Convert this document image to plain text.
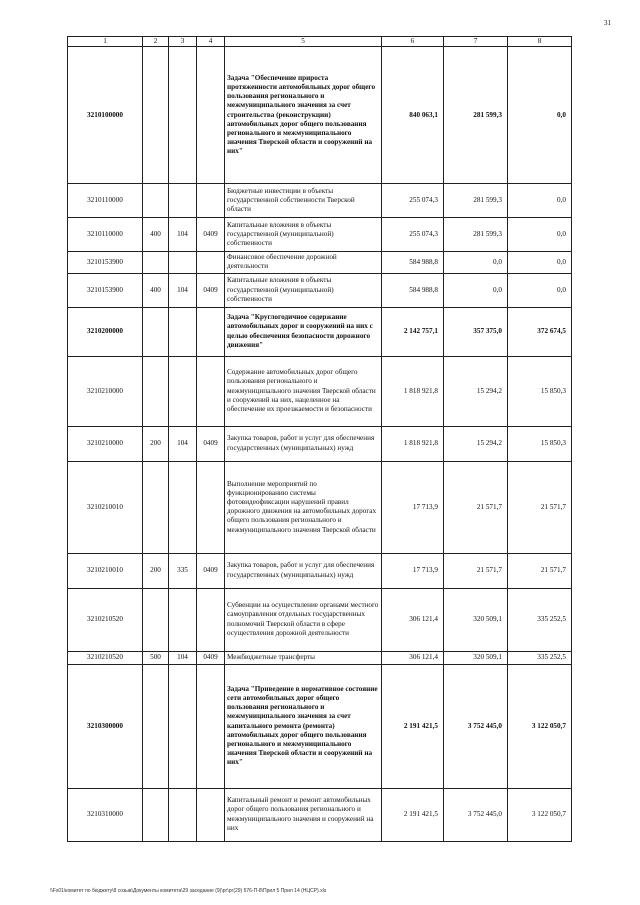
31
1	2	3	4	5	6	7	8
3210100000				Задача "Обеспечение прироста протяженности автомобильных дорог общего пользования регионального и межмуниципального значения за счет строительства (реконструкции) автомобильных дорог общего пользования регионального и межмуниципального значения Тверской области и сооружений на них"	840 063,1	281 599,3	0,0
3210110000				Бюджетные инвестиции в объекты государственной собственности Тверской области	255 074,3	281 599,3	0,0
3210110000	400	104	0409	Капитальные вложения в объекты государственной (муниципальной) собственности	255 074,3	281 599,3	0,0
3210153900				Финансовое обеспечение дорожной деятельности	584 988,8	0,0	0,0
3210153900	400	104	0409	Капитальные вложения в объекты государственной (муниципальной) собственности	584 988,8	0,0	0,0
3210200000				Задача "Круглогодичное содержание автомобильных дорог и сооружений на них с целью обеспечения безопасности дорожного движения"	2 142 757,1	357 375,0	372 674,5
3210210000				Содержание автомобильных дорог общего пользования регионального и межмуниципального значения Тверской области и сооружений на них, нацеленное на обеспечение их проезжаемости и безопасности	1 818 921,8	15 294,2	15 850,3
3210210000	200	104	0409	Закупка товаров, работ и услуг для обеспечения государственных (муниципальных) нужд	1 818 921,8	15 294,2	15 850,3
3210210010				Выполнение мероприятий по функционированию системы фотовидеофиксации нарушений правил дорожного движения на автомобильных дорогах общего пользования регионального и межмуниципального значения Тверской области	17 713,9	21 571,7	21 571,7
3210210010	200	335	0409	Закупка товаров, работ и услуг для обеспечения государственных (муниципальных) нужд	17 713,9	21 571,7	21 571,7
3210210520				Субвенции на осуществление органами местного самоуправления отдельных государственных полномочий Тверской области в сфере осуществления дорожной деятельности	306 121,4	320 509,1	335 252,5
3210210520	500	104	0409	Межбюджетные трансферты	306 121,4	320 509,1	335 252,5
3210300000				Задача "Приведение в нормативное состояние сети автомобильных дорог общего пользования регионального и межмуниципального значения за счет капитального ремонта (ремонта) автомобильных дорог общего пользования регионального и межмуниципального значения Тверской области и сооружений на них"	2 191 421,5	3 752 445,0	3 122 050,7
3210310000				Капитальный ремонт и ремонт автомобильных дорог общего пользования регионального и межмуниципального значения и сооружений на них	2 191 421,5	3 752 445,0	3 122 050,7
\\Fs01\комитет по бюджету\8 созыв\Документы комитета\29 заседание (9)\рг\рг(29) 576-П-8\Прил 5 Прил 14 (НЦСР).xls
